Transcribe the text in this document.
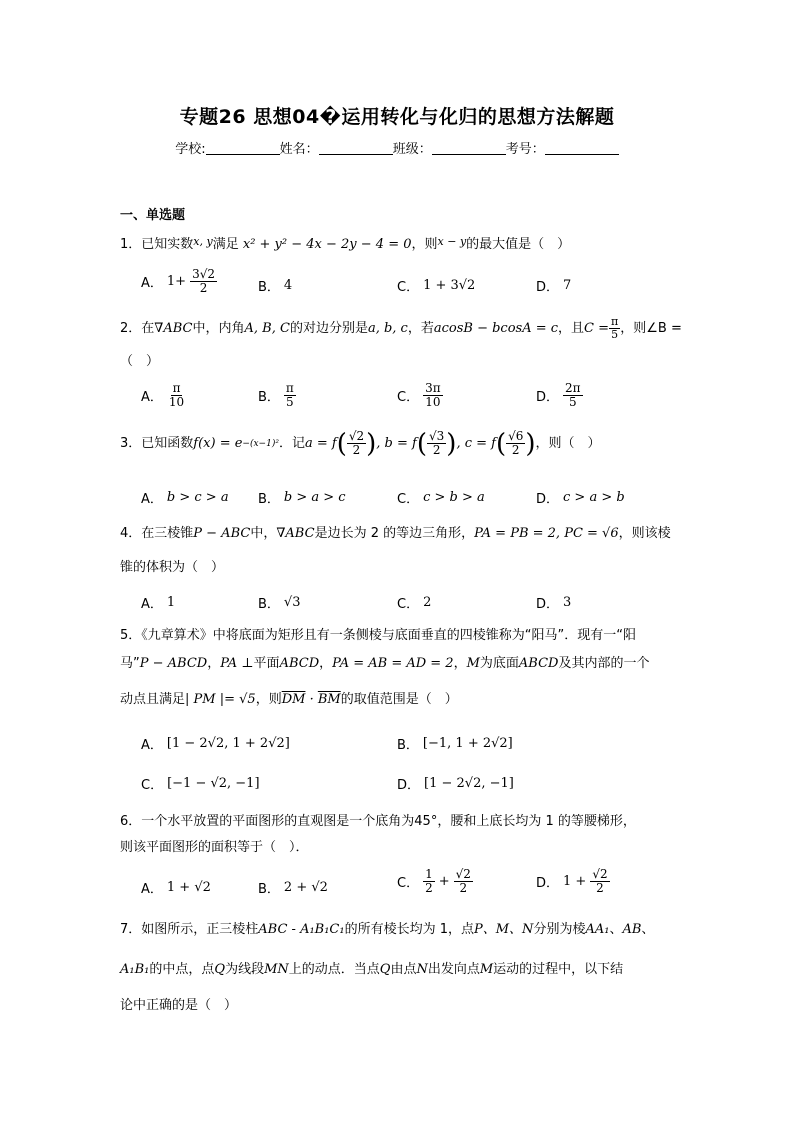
专题26 思想04�运用转化与化归的思想方法解题
学校:	姓名：	班级：	考号：
一、单选题
1．已知实数$^{x, y}$满足 x² + y² − 4x − 2y − 4 = 0，则$^{x - y}$的最大值是（　）
A． $1+ \frac{3√2}{2}$	B． 4	C． 1 + 3√2	D． 7
2．在∇ABC中，内角A, B, C的对边分别是a, b, c，若acosB − bcosA = c，且$C = \frac{\pi}{5}$ ，则∠B =
（　）
A． $\frac{\pi}{10}$	B． $\frac{\pi}{5}$	C． $\frac{3\pi}{10}$	D． $\frac{2\pi}{5}$
3．已知函数 f(x) = e −(x−1)² ．记 a = f ( $\frac{√2}{2}$ ) , b = f ( $\frac{√3}{2}$ ) , c = f ( $\frac{√6}{2}$ ) ，则（　）
A． b > c > a B． b > a > c	C． c > b > a	D． c > a > b
4．在三棱锥P − ABC中，∇ABC是边长为 2 的等边三角形，PA = PB = 2, PC = √6，则该棱
锥的体积为（　）
A． 1	B． √3	C． 2	D． 3
5．《九章算术》中将底面为矩形且有一条侧棱与底面垂直的四棱锥称为“阳马”．现有一“阳
马”P − ABCD，PA ⊥平面ABCD，PA = AB = AD = 2，M为底面ABCD及其内部的一个
动点且满足| PM |= √5，则$\overline{DM} \cdot \overline{BM}$的取值范围是（　）
A． [1 − 2√2, 1 + 2√2]	B． [−1, 1 + 2√2]
C． [−1 − √2, −1]	D． [1 − 2√2, −1]
6．一个水平放置的平面图形的直观图是一个底角为45°，腰和上底长均为 1 的等腰梯形，
则该平面图形的面积等于（　）．
A． 1 + √2	B． 2 + √2	C． $\frac{1}{2} + \frac{√2}{2}$	D． $1 + \frac{√2}{2}$
7．如图所示，正三棱柱ABC - A₁B₁C₁的所有棱长均为 1，点P、M、N分别为棱AA₁、AB、
A₁B₁的中点，点Q为线段MN上的动点．当点Q由点N出发向点M运动的过程中，以下结
论中正确的是（　）
